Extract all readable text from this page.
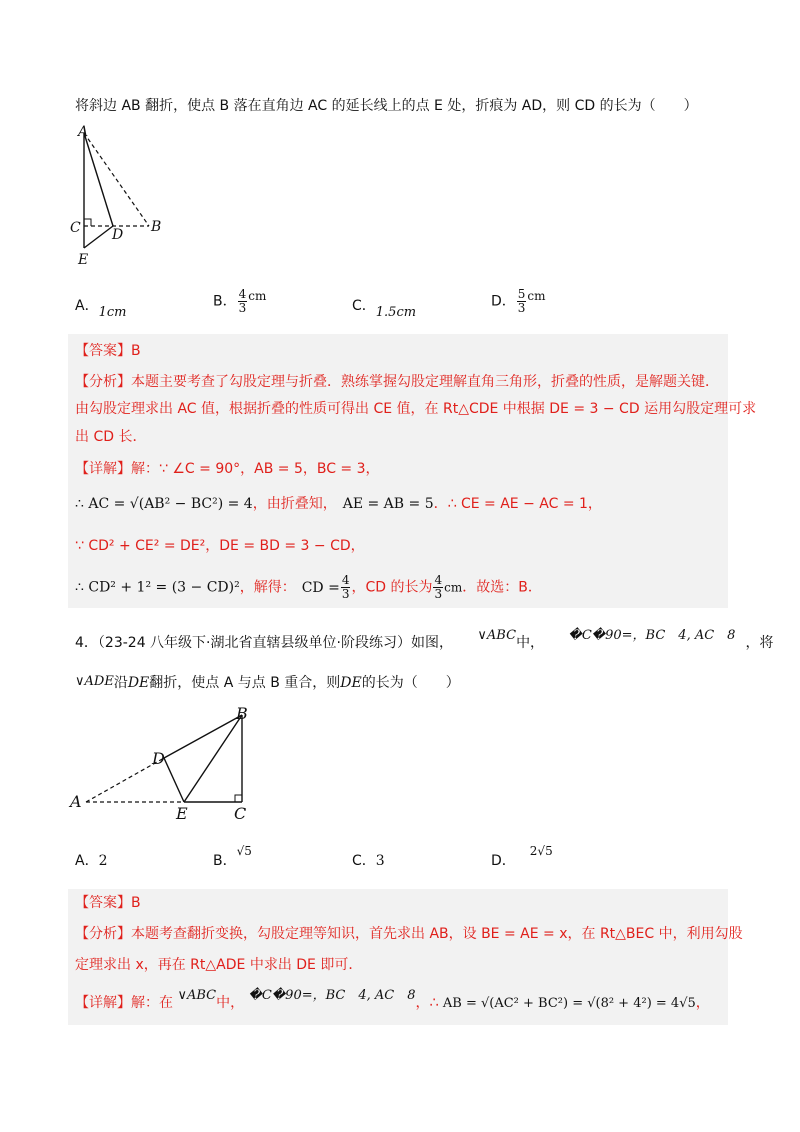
将斜边 AB 翻折，使点 B 落在直角边 AC 的延长线上的点 E 处，折痕为 AD，则 CD 的长为（　　）
A
C D B
E
A．1cm
B． $\frac{4}{3}$ cm
C．1.5cm
D． $\frac{5}{3}$ cm
【答案】B
【分析】本题主要考查了勾股定理与折叠．熟练掌握勾股定理解直角三角形，折叠的性质，是解题关键．
由勾股定理求出 AC 值，根据折叠的性质可得出 CE 值，在 Rt△CDE 中根据 DE = 3 − CD 运用勾股定理可求
出 CD 长．
【详解】解：∵ ∠C = 90°，AB = 5，BC = 3，
∴ AC = √(AB² − BC²) = 4，由折叠知， AE = AB = 5．∴ CE = AE − AC = 1，
∵ CD² + CE² = DE²，DE = BD = 3 − CD，
∴ CD² + 1² = (3 − CD)²，解得： CD = $\frac{4}{3}$ ，CD 的长为 $\frac{4}{3}$ cm．故选：B．
4．（23-24 八年级下·湖北省直辖县级单位·阶段练习）如图， ∨ABC中， �C�90=，BC　4, AC　8 ，将
∨ADE沿DE翻折，使点 A 与点 B 重合，则DE的长为（　　）
B
D
A
E	C
A．2	B．√5
C．3	D．2√5
【答案】B
【分析】本题考查翻折变换，勾股定理等知识，首先求出 AB，设 BE = AE = x，在 Rt△BEC 中，利用勾股
定理求出 x，再在 Rt△ADE 中求出 DE 即可．
【详解】解：在 ∨ABC中， �C�90=，BC　4, AC　8，∴ AB = √(AC² + BC²) = √(8² + 4²) = 4√5，
